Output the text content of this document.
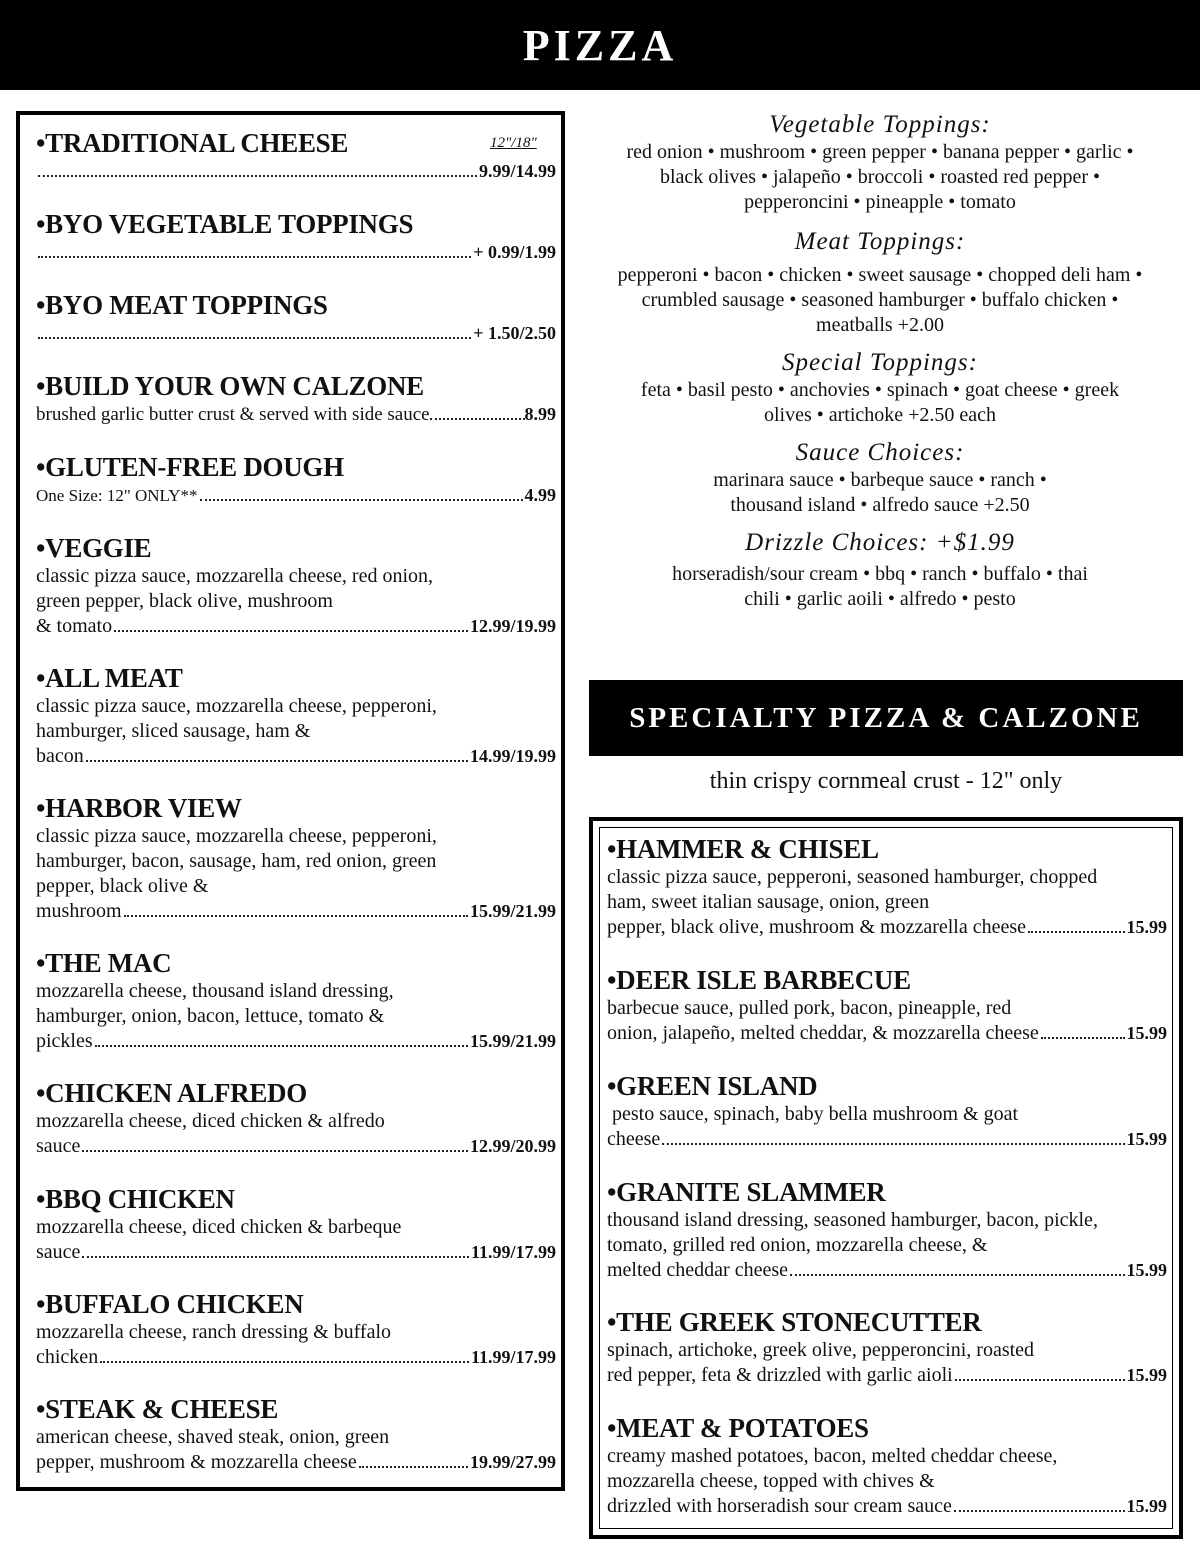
PIZZA
12"/18"
• TRADITIONAL CHEESE
9.99/14.99
• BYO VEGETABLE TOPPINGS
+ 0.99/1.99
• BYO MEAT TOPPINGS
+ 1.50/2.50
• BUILD YOUR OWN CALZONE
brushed garlic butter crust & served with side sauce	8.99
• GLUTEN-FREE DOUGH
One Size: 12" ONLY**	4.99
• VEGGIE
classic pizza sauce, mozzarella cheese, red onion, green pepper, black olive, mushroom
& tomato	12.99/19.99
• ALL MEAT
classic pizza sauce, mozzarella cheese, pepperoni, hamburger, sliced sausage, ham &
bacon	14.99/19.99
• HARBOR VIEW
classic pizza sauce, mozzarella cheese, pepperoni, hamburger, bacon, sausage, ham, red onion, green pepper, black olive &
mushroom	15.99/21.99
• THE MAC
mozzarella cheese, thousand island dressing, hamburger, onion, bacon, lettuce, tomato &
pickles	15.99/21.99
• CHICKEN ALFREDO
mozzarella cheese, diced chicken & alfredo
sauce	12.99/20.99
• BBQ CHICKEN
mozzarella cheese, diced chicken & barbeque
sauce	11.99/17.99
• BUFFALO CHICKEN
mozzarella cheese, ranch dressing & buffalo
chicken	11.99/17.99
• STEAK & CHEESE
american cheese, shaved steak, onion, green
pepper, mushroom & mozzarella cheese	19.99/27.99
Vegetable Toppings:

red onion • mushroom • green pepper • banana pepper • garlic • black olives • jalapeño • broccoli • roasted red pepper • pepperoncini • pineapple • tomato

Meat Toppings:

pepperoni • bacon • chicken • sweet sausage • chopped deli ham • crumbled sausage • seasoned hamburger • buffalo chicken • meatballs +2.00

Special Toppings:

feta • basil pesto • anchovies • spinach • goat cheese • greek olives • artichoke +2.50 each

Sauce Choices:

marinara sauce • barbeque sauce • ranch • thousand island • alfredo sauce +2.50

Drizzle Choices: +$1.99

horseradish/sour cream • bbq • ranch • buffalo • thai chili • garlic aoili • alfredo • pesto

SPECIALTY PIZZA & CALZONE
thin crispy cornmeal crust - 12" only
• HAMMER & CHISEL
classic pizza sauce, pepperoni, seasoned hamburger, chopped ham, sweet italian sausage, onion, green
pepper, black olive, mushroom & mozzarella cheese	15.99
• DEER ISLE BARBECUE
barbecue sauce, pulled pork, bacon, pineapple, red
onion, jalapeño, melted cheddar, & mozzarella cheese	15.99
• GREEN ISLAND
pesto sauce, spinach, baby bella mushroom & goat
cheese	15.99
• GRANITE SLAMMER
thousand island dressing, seasoned hamburger, bacon, pickle, tomato, grilled red onion, mozzarella cheese, &
melted cheddar cheese	15.99
• THE GREEK STONECUTTER
spinach, artichoke, greek olive, pepperoncini, roasted
red pepper, feta & drizzled with garlic aioli	15.99
• MEAT & POTATOES
creamy mashed potatoes, bacon, melted cheddar cheese, mozzarella cheese, topped with chives &
drizzled with horseradish sour cream sauce	15.99
